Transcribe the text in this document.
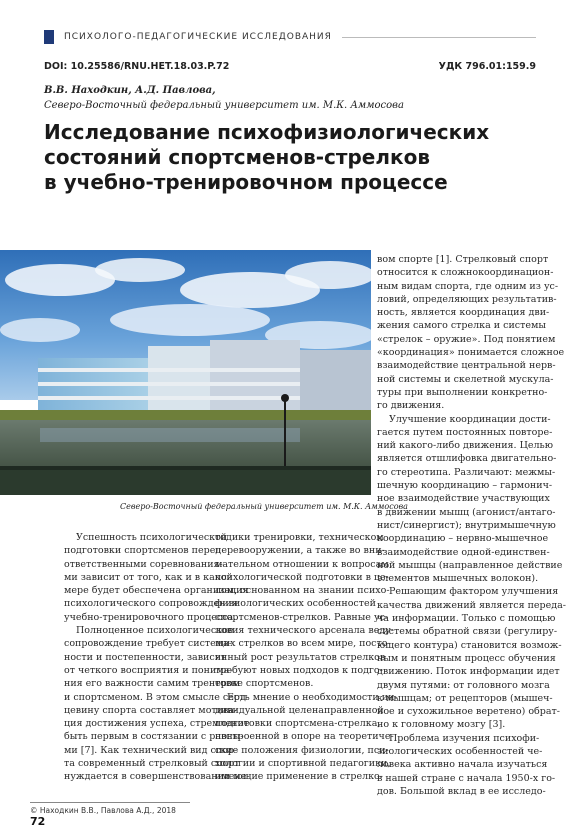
ПСИХОЛОГО-ПЕДАГОГИЧЕСКИЕ ИССЛЕДОВАНИЯ
DOI: 10.25586/RNU.HET.18.03.P.72	УДК 796.01:159.9
В.В. Находкин, А.Д. Павлова,
Северо-Восточный федеральный университет им. М.К. Аммосова
Исследование психофизиологических
состояний спортсменов-стрелков
в учебно-тренировочном процессе
Северо-Восточный федеральный университет им. М.К. Аммосова
Успешность психологической
подготовки спортсменов перед
ответственными соревнования-
ми зависит от того, как и в какой
мере будет обеспечена организация
психологического сопровождения
учебно-тренировочного процесса.
Полноценное психологическое
сопровождение требует система-
ности и постепенности, зависит
от четкого восприятия и понима-
ния его важности самим тренером
и спортсменом. В этом смысле серд-
цевину спорта составляет мотива-
ция достижения успеха, стремление
быть первым в состязании с равны-
ми [7]. Как технический вид спор-
та современный стрелковый спорт
нуждается в совершенствовании ме-
тодики тренировки, техническом
перевооружении, а также во вни-
мательном отношении к вопросам
психологической подготовки в це-
лом, основанном на знании психо-
физиологических особенностей
спортсменов-стрелков. Равные ус-
ловия технического арсенала веду-
щих стрелков во всем мире, посто-
янный рост результатов стрелков
требуют новых подходов к подго-
товке спортсменов.
Есть мнение о необходимости ин-
дивидуальной целенаправленной
подготовки спортсмена-стрелка,
построенной в опоре на теоретиче-
ские положения физиологии, пси-
хологии и спортивной педагогики,
имеющие применение в стрелко-
вом спорте [1]. Стрелковый спорт
относится к сложнокоординацион-
ным видам спорта, где одним из ус-
ловий, определяющих результатив-
ность, является координация дви-
жения самого стрелка и системы
«стрелок – оружие». Под понятием
«координация» понимается сложное
взаимодействие центральной нерв-
ной системы и скелетной мускула-
туры при выполнении конкретно-
го движения.
Улучшение координации дости-
гается путем постоянных повторе-
ний какого-либо движения. Целью
является отшлифовка двигательно-
го стереотипа. Различают: межмы-
шечную координацию – гармонич-
ное взаимодействие участвующих
в движении мышц (агонист/антаго-
нист/синергист); внутримышечную
координацию – нервно-мышечное
взаимодействие одной-единствен-
ной мышцы (направленное действие
элементов мышечных волокон).
Решающим фактором улучшения
качества движений является переда-
ча информации. Только с помощью
системы обратной связи (регулиру-
ющего контура) становится возмож-
ным и понятным процесс обучения
движению. Поток информации идет
двумя путями: от головного мозга
к мышцам; от рецепторов (мышеч-
ное и сухожильное веретено) обрат-
но к головному мозгу [3].
Проблема изучения психофи-
зиологических особенностей че-
ловека активно начала изучаться
в нашей стране с начала 1950-х го-
дов. Большой вклад в ее исследо-
© Находкин В.В., Павлова А.Д., 2018
72
